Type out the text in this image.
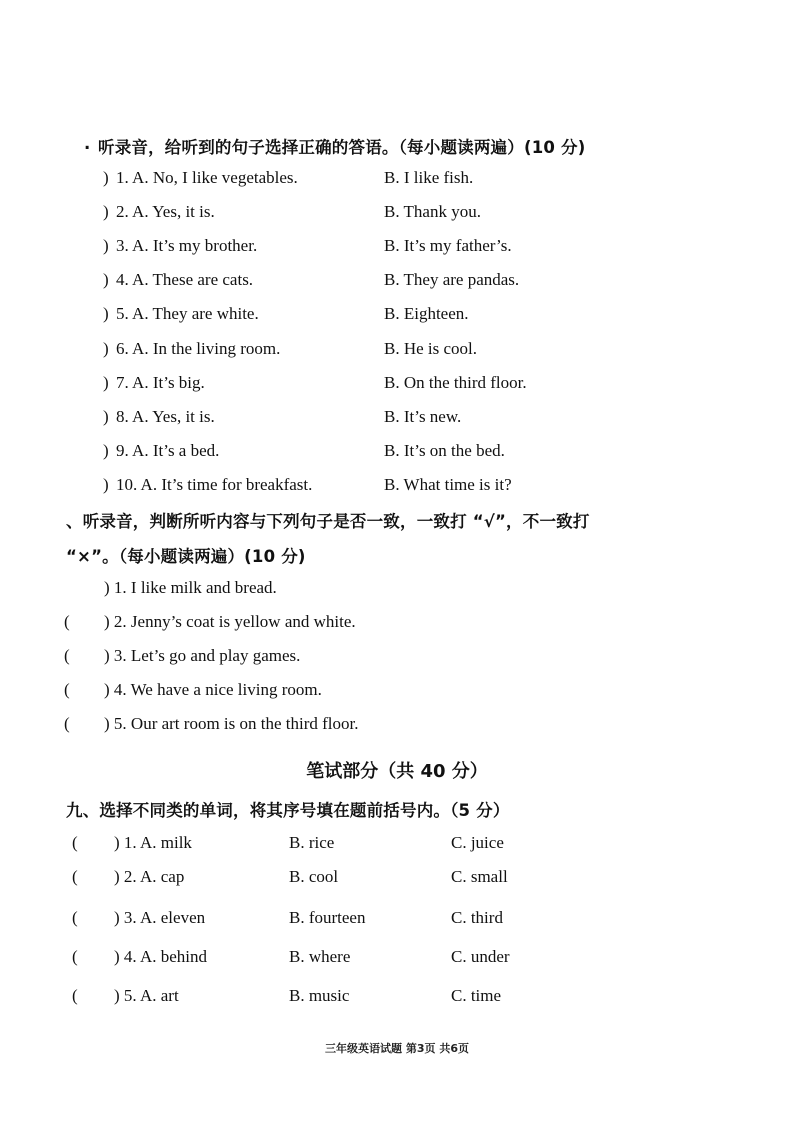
. 听录音，给听到的句子选择正确的答语。（每小题读两遍）(10 分)
) 1. A. No, I like vegetables.	B. I like fish.
) 2. A. Yes, it is.	B. Thank you.
) 3. A. It’s my brother.	B. It’s my father’s.
) 4. A. These are cats.	B. They are pandas.
) 5. A. They are white.	B. Eighteen.
) 6. A. In the living room.	B. He is cool.
) 7. A. It’s big.	B. On the third floor.
) 8. A. Yes, it is.	B. It’s new.
) 9. A. It’s a bed.	B. It’s on the bed.
) 10. A. It’s time for breakfast.	B. What time is it?
、听录音，判断所听内容与下列句子是否一致，一致打 “√”，不一致打
“×”。（每小题读两遍）(10 分)
) 1. I like milk and bread.
( ) 2. Jenny’s coat is yellow and white.
( ) 3. Let’s go and play games.
( ) 4. We have a nice living room.
( ) 5. Our art room is on the third floor.
笔试部分（共 40 分）
九、选择不同类的单词，将其序号填在题前括号内。（5 分）
( ) 1. A. milk	B. rice	C. juice
( ) 2. A. cap	B. cool	C. small
( ) 3. A. eleven	B. fourteen	C. third
( ) 4. A. behind	B. where	C. under
( ) 5. A. art	B. music	C. time
三年级英语试题 第3页 共6页
